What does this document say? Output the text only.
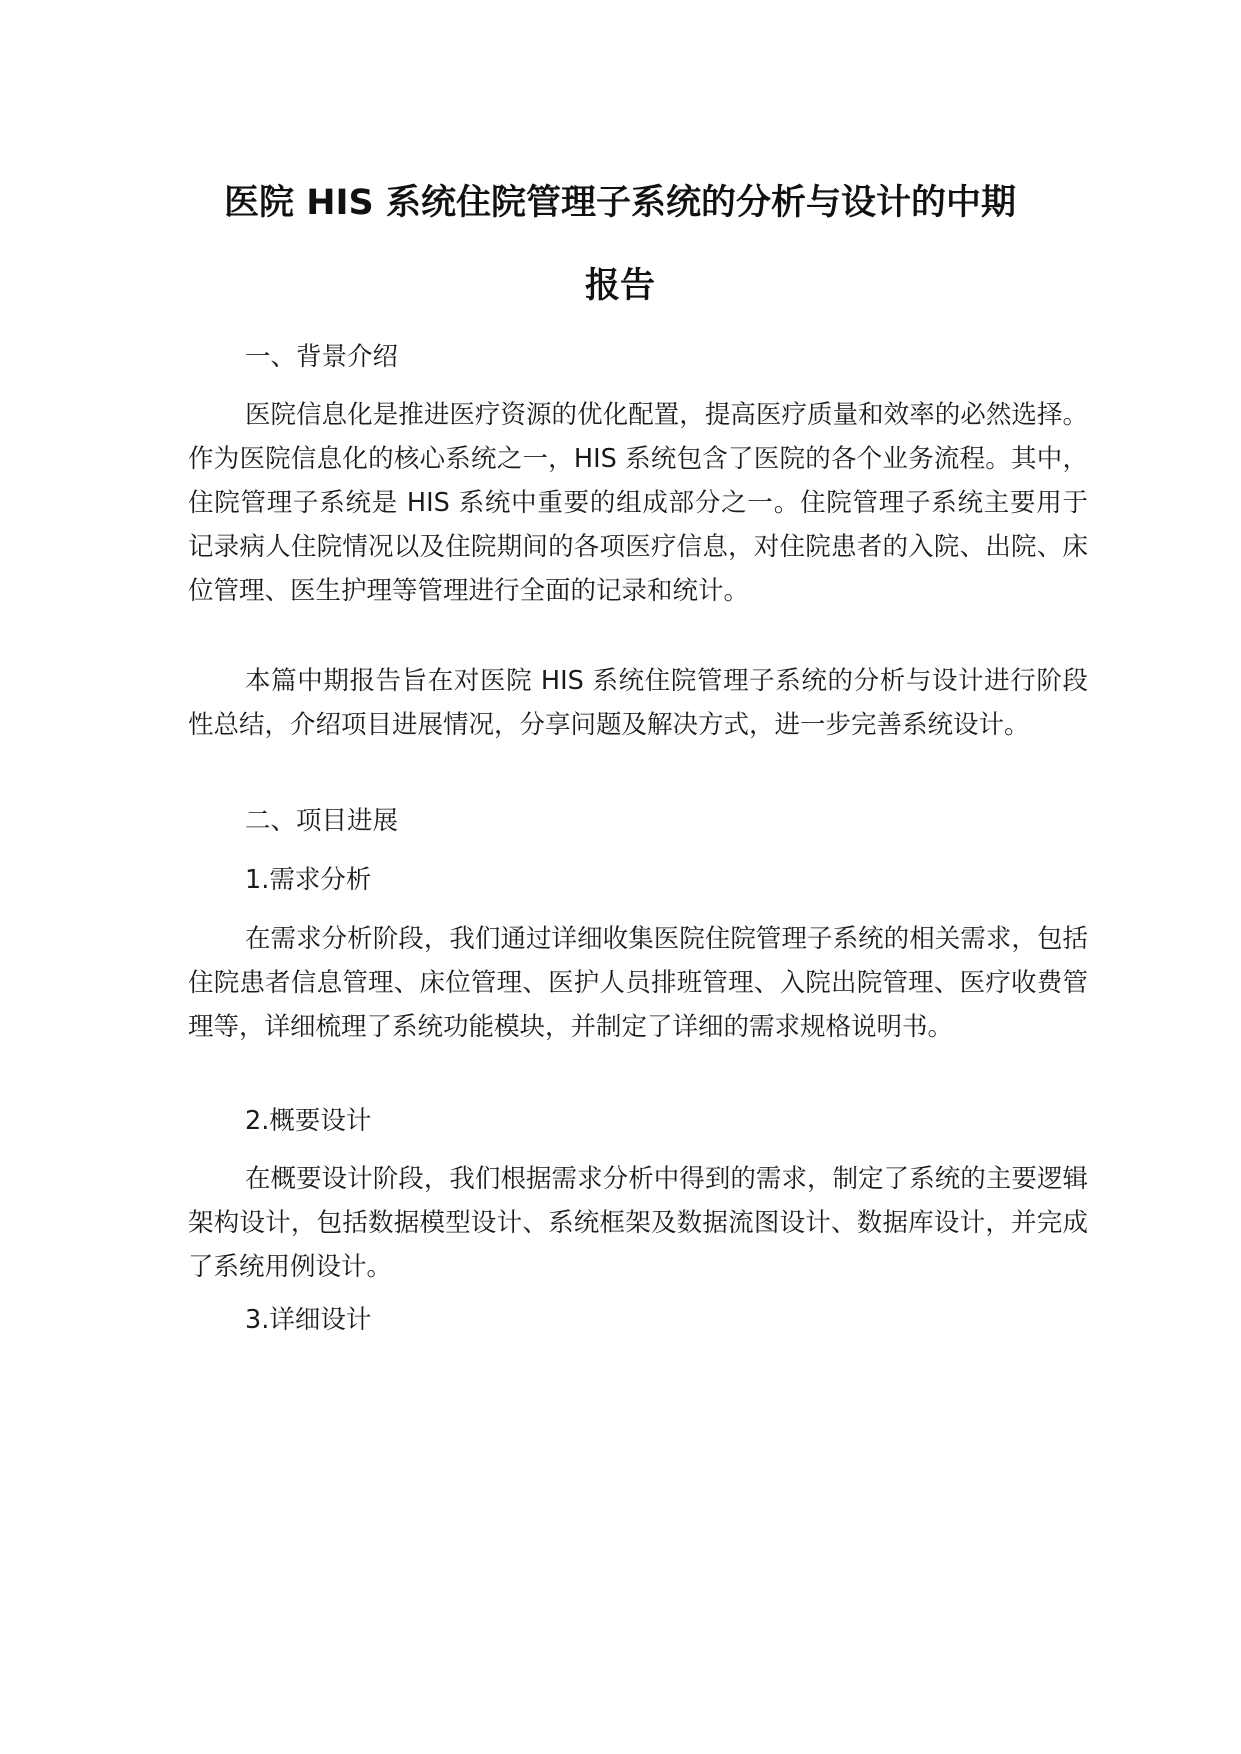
医院 HIS 系统住院管理子系统的分析与设计的中期
报告
一、背景介绍
医院信息化是推进医疗资源的优化配置，提高医疗质量和效率的必然选择。作为医院信息化的核心系统之一，HIS 系统包含了医院的各个业务流程。其中，住院管理子系统是 HIS 系统中重要的组成部分之一。住院管理子系统主要用于记录病人住院情况以及住院期间的各项医疗信息，对住院患者的入院、出院、床位管理、医生护理等管理进行全面的记录和统计。
本篇中期报告旨在对医院 HIS 系统住院管理子系统的分析与设计进行阶段性总结，介绍项目进展情况，分享问题及解决方式，进一步完善系统设计。
二、项目进展
1.需求分析
在需求分析阶段，我们通过详细收集医院住院管理子系统的相关需求，包括住院患者信息管理、床位管理、医护人员排班管理、入院出院管理、医疗收费管理等，详细梳理了系统功能模块，并制定了详细的需求规格说明书。
2.概要设计
在概要设计阶段，我们根据需求分析中得到的需求，制定了系统的主要逻辑架构设计，包括数据模型设计、系统框架及数据流图设计、数据库设计，并完成了系统用例设计。
3.详细设计
